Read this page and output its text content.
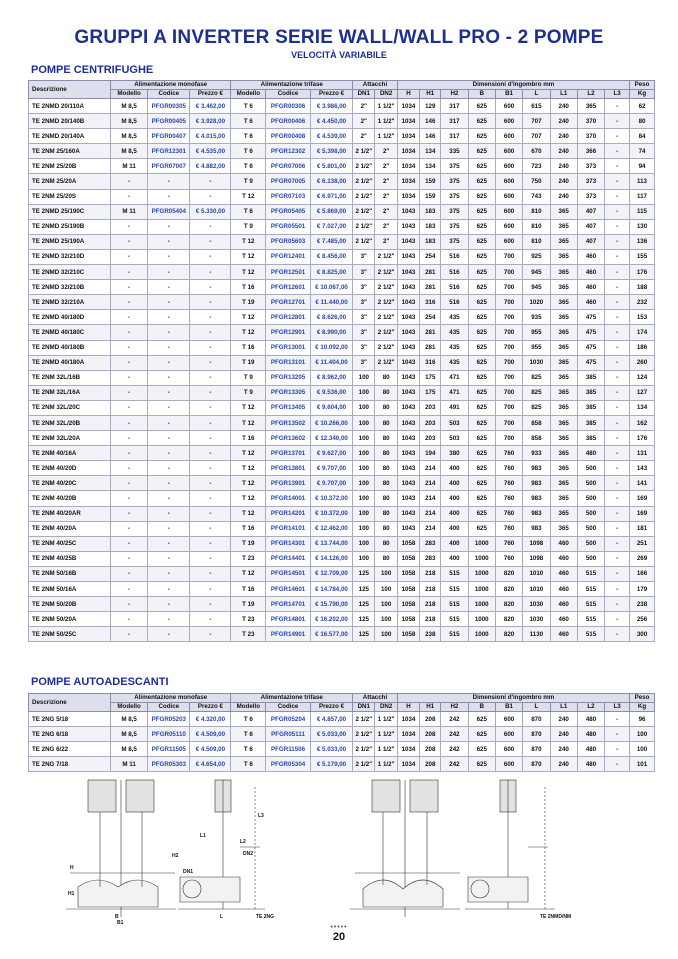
GRUPPI A INVERTER SERIE WALL/WALL PRO - 2 POMPE
VELOCITÀ VARIABILE
POMPE CENTRIFUGHE
Descrizione	Alimentazione monofase			Alimentazione trifase			Attacchi		Dimensioni d'ingombro mm									Peso
	Modello	Codice	Prezzo €	Modello	Codice	Prezzo €	DN1	DN2	H	H1	H2	B	B1	L	L1	L2	L3	Kg
TE 2NMD 20/110A	M 8,5	PFGR00305	€ 3.462,00	T 6	PFGR00306	€ 3.986,00	2"	1 1/2"	1034	129	317	625	600	615	240	365	-	62
TE 2NMD 20/140B	M 8,5	PFGR00405	€ 3.928,00	T 6	PFGR00406	€ 4.450,00	2"	1 1/2"	1034	146	317	625	600	707	240	370	-	80
TE 2NMD 20/140A	M 8,5	PFGR00407	€ 4.015,00	T 6	PFGR00408	€ 4.539,00	2"	1 1/2"	1034	146	317	625	600	707	240	370	-	84
TE 2NM 25/160A	M 8,5	PFGR12301	€ 4.535,00	T 6	PFGR12302	€ 5.398,00	2 1/2"	2"	1034	134	335	625	600	670	240	366	-	74
TE 2NM 25/20B	M 11	PFGR07007	€ 4.882,00	T 6	PFGR07006	€ 5.801,00	2 1/2"	2"	1034	134	375	625	600	723	240	373	-	94
TE 2NM 25/20A	-	-	-	T 9	PFGR07005	€ 6.138,00	2 1/2"	2"	1034	159	375	625	600	750	240	373	-	113
TE 2NM 25/20S	-	-	-	T 12	PFGR07103	€ 6.971,00	2 1/2"	2"	1034	159	375	625	600	743	240	373	-	117
TE 2NMD 25/190C	M 11	PFGR05404	€ 5.330,00	T 6	PFGR05405	€ 5.869,00	2 1/2"	2"	1043	183	375	625	600	810	365	407	-	115
TE 2NMD 25/190B	-	-	-	T 9	PFGR05501	€ 7.027,00	2 1/2"	2"	1043	183	375	625	600	810	365	407	-	130
TE 2NMD 25/190A	-	-	-	T 12	PFGR05603	€ 7.485,00	2 1/2"	2"	1043	183	375	625	600	810	365	407	-	136
TE 2NMD 32/210D	-	-	-	T 12	PFGR12401	€ 8.456,00	3"	2 1/2"	1043	254	516	625	700	925	365	460	-	155
TE 2NMD 32/210C	-	-	-	T 12	PFGR12501	€ 8.825,00	3"	2 1/2"	1043	281	516	625	700	945	365	460	-	176
TE 2NMD 32/210B	-	-	-	T 16	PFGR12601	€ 10.067,00	3"	2 1/2"	1043	281	516	625	700	945	365	460	-	188
TE 2NMD 32/210A	-	-	-	T 19	PFGR12701	€ 11.440,00	3"	2 1/2"	1043	316	516	625	700	1020	365	460	-	232
TE 2NMD 40/180D	-	-	-	T 12	PFGR12801	€ 8.626,00	3"	2 1/2"	1043	254	435	625	700	935	365	475	-	153
TE 2NMD 40/180C	-	-	-	T 12	PFGR12901	€ 8.990,00	3"	2 1/2"	1043	281	435	625	700	955	365	475	-	174
TE 2NMD 40/180B	-	-	-	T 16	PFGR13001	€ 10.092,00	3"	2 1/2"	1043	281	435	625	700	955	365	475	-	186
TE 2NMD 40/180A	-	-	-	T 19	PFGR13101	€ 11.404,00	3"	2 1/2"	1043	316	435	625	700	1030	365	475	-	260
TE 2NM 32L/16B	-	-	-	T 9	PFGR13205	€ 8.962,00	100	80	1043	175	471	625	700	825	365	385	-	124
TE 2NM 32L/16A	-	-	-	T 9	PFGR13305	€ 9.536,00	100	80	1043	175	471	625	700	825	365	385	-	127
TE 2NM 32L/20C	-	-	-	T 12	PFGR13405	€ 9.604,00	100	80	1043	203	491	625	700	825	365	385	-	134
TE 2NM 32L/20B	-	-	-	T 12	PFGR13502	€ 10.266,00	100	80	1043	203	503	625	700	858	365	385	-	162
TE 2NM 32L/20A	-	-	-	T 16	PFGR13602	€ 12.340,00	100	80	1043	203	503	625	700	858	365	385	-	176
TE 2NM 40/16A	-	-	-	T 12	PFGR13701	€ 9.627,00	100	80	1043	194	380	625	760	933	365	480	-	131
TE 2NM 40/20D	-	-	-	T 12	PFGR13801	€ 9.707,00	100	80	1043	214	400	625	760	983	365	500	-	143
TE 2NM 40/20C	-	-	-	T 12	PFGR13901	€ 9.707,00	100	80	1043	214	400	625	760	983	365	500	-	141
TE 2NM 40/20B	-	-	-	T 12	PFGR14001	€ 10.372,00	100	80	1043	214	400	625	760	983	365	500	-	169
TE 2NM 40/20AR	-	-	-	T 12	PFGR14201	€ 10.372,00	100	80	1043	214	400	625	760	983	365	500	-	169
TE 2NM 40/20A	-	-	-	T 16	PFGR14101	€ 12.462,00	100	80	1043	214	400	625	760	983	365	500	-	181
TE 2NM 40/25C	-	-	-	T 19	PFGR14301	€ 13.744,00	100	80	1058	283	400	1000	760	1098	460	500	-	251
TE 2NM 40/25B	-	-	-	T 23	PFGR14401	€ 14.126,00	100	80	1058	283	400	1000	760	1098	460	500	-	269
TE 2NM 50/16B	-	-	-	T 12	PFGR14501	€ 12.709,00	125	100	1058	218	515	1000	820	1010	460	515	-	166
TE 2NM 50/16A	-	-	-	T 16	PFGR14601	€ 14.784,00	125	100	1058	218	515	1000	820	1010	460	515	-	179
TE 2NM 50/20B	-	-	-	T 19	PFGR14701	€ 15.790,00	125	100	1058	218	515	1000	820	1030	460	515	-	238
TE 2NM 50/20A	-	-	-	T 23	PFGR14801	€ 16.202,00	125	100	1058	218	515	1000	820	1030	460	515	-	256
TE 2NM 50/25C	-	-	-	T 23	PFGR14901	€ 16.577,00	125	100	1058	238	515	1000	820	1130	460	515	-	300
POMPE AUTOADESCANTI
Descrizione	Alimentazione monofase			Alimentazione trifase			Attacchi		Dimensioni d'ingombro mm									Peso
	Modello	Codice	Prezzo €	Modello	Codice	Prezzo €	DN1	DN2	H	H1	H2	B	B1	L	L1	L2	L3	Kg
TE 2NG 5/18	M 8,5	PFGR05203	€ 4.320,00	T 6	PFGR05204	€ 4.857,00	2 1/2"	1 1/2"	1034	208	242	625	600	870	240	480	-	96
TE 2NG 6/18	M 8,5	PFGR05110	€ 4.509,00	T 6	PFGR05111	€ 5.033,00	2 1/2"	1 1/2"	1034	208	242	625	600	870	240	480	-	100
TE 2NG 6/22	M 8,5	PFGR11505	€ 4.509,00	T 6	PFGR11506	€ 5.033,00	2 1/2"	1 1/2"	1034	208	242	625	600	870	240	480	-	100
TE 2NG 7/18	M 11	PFGR05303	€ 4.654,00	T 6	PFGR05304	€ 5.179,00	2 1/2"	1 1/2"	1034	208	242	625	600	870	240	480	-	101
H
H1
H2
B
B1
L
L1
L2
L3
DN1
DN2
TE 2NG	TE 2NMD/NM
•••••
20
